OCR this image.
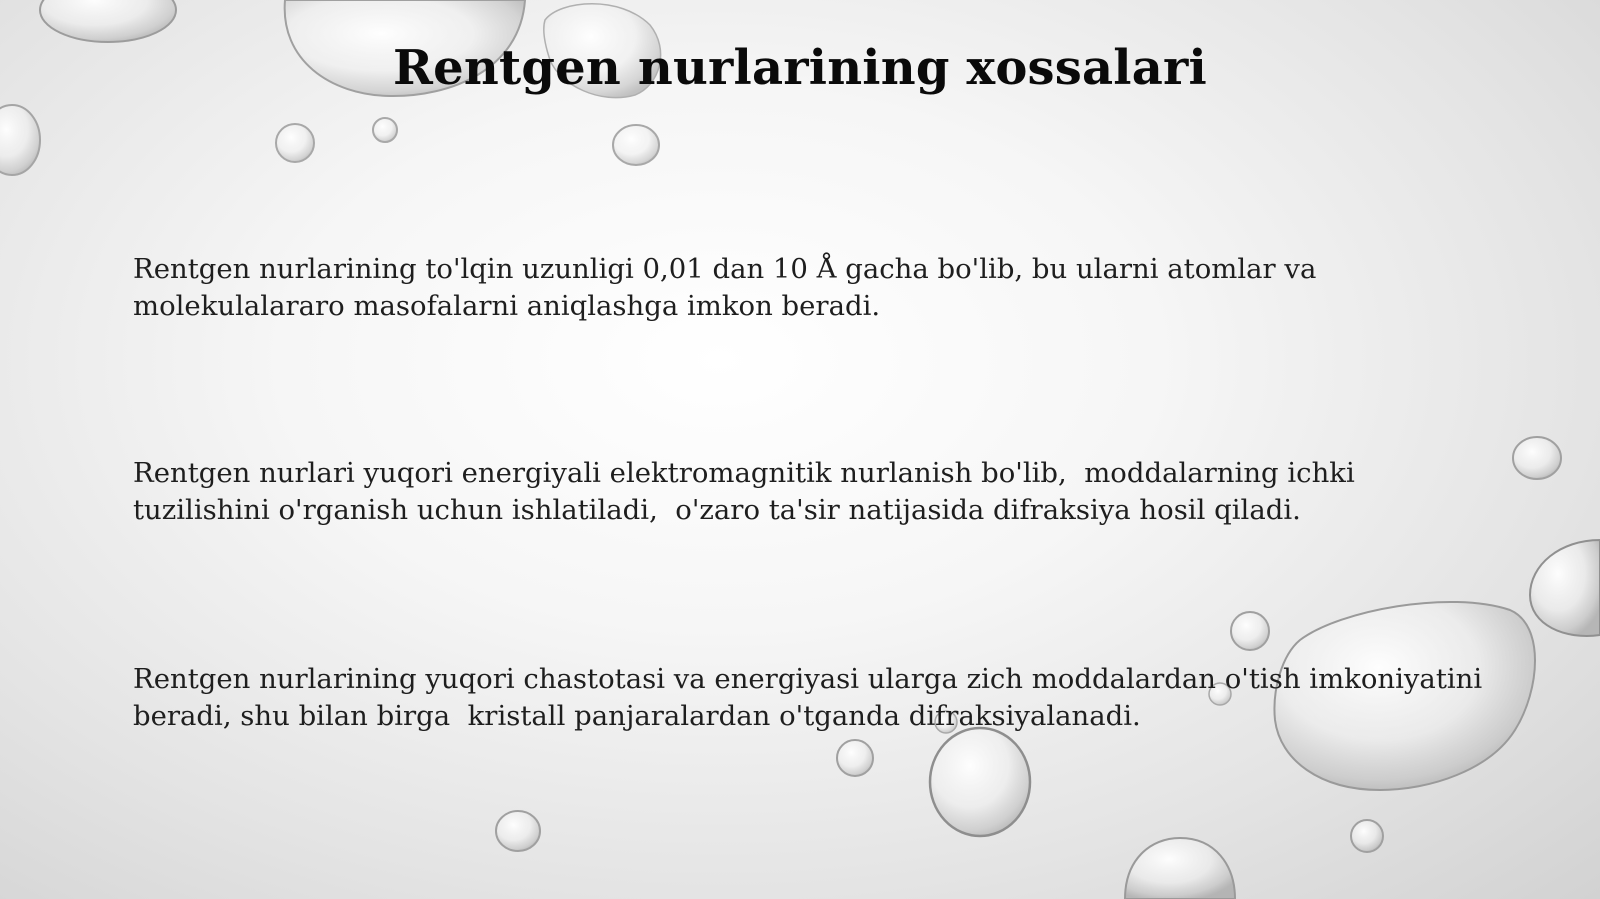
Rentgen nurlarining xossalari
Rentgen nurlarining to'lqin uzunligi 0,01 dan 10 Å gacha bo'lib, bu ularni atomlar va
molekulalararo masofalarni aniqlashga imkon beradi.
Rentgen nurlari yuqori energiyali elektromagnitik nurlanish bo'lib,  moddalarning ichki
tuzilishini o'rganish uchun ishlatiladi,  o'zaro ta'sir natijasida difraksiya hosil qiladi.
Rentgen nurlarining yuqori chastotasi va energiyasi ularga zich moddalardan o'tish imkoniyatini
beradi, shu bilan birga  kristall panjaralardan o'tganda difraksiyalanadi.
